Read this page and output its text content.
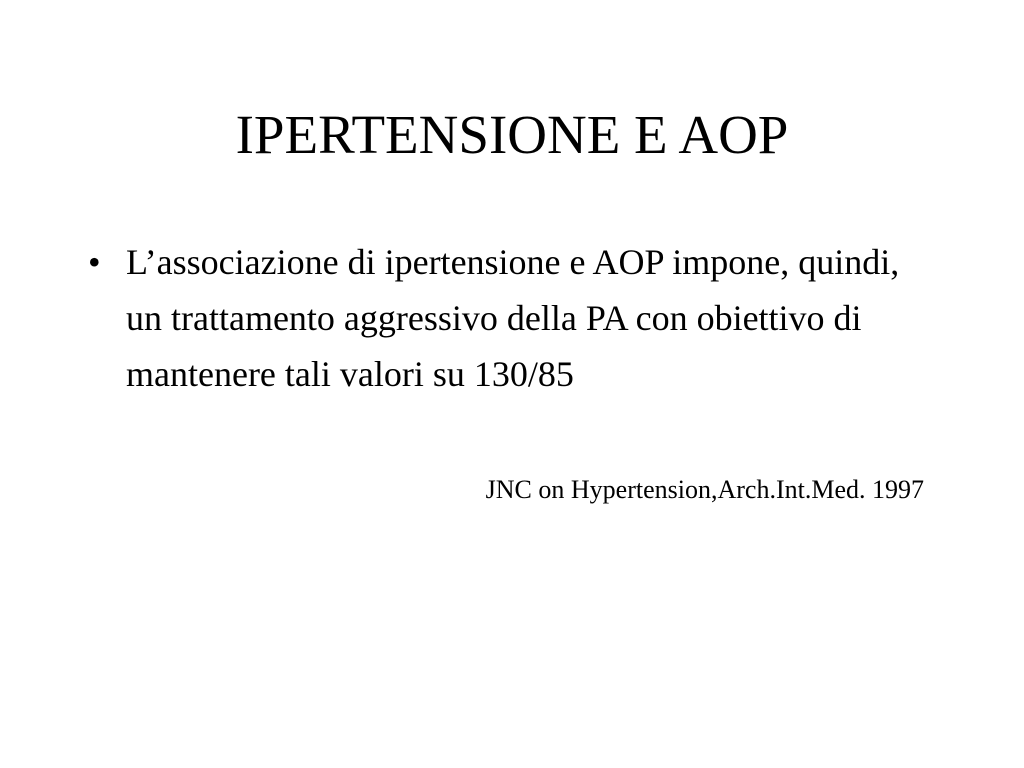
IPERTENSIONE E AOP
• L’associazione di ipertensione e AOP impone, quindi, un trattamento aggressivo della PA con obiettivo di mantenere tali valori su 130/85
JNC on Hypertension,Arch.Int.Med. 1997
